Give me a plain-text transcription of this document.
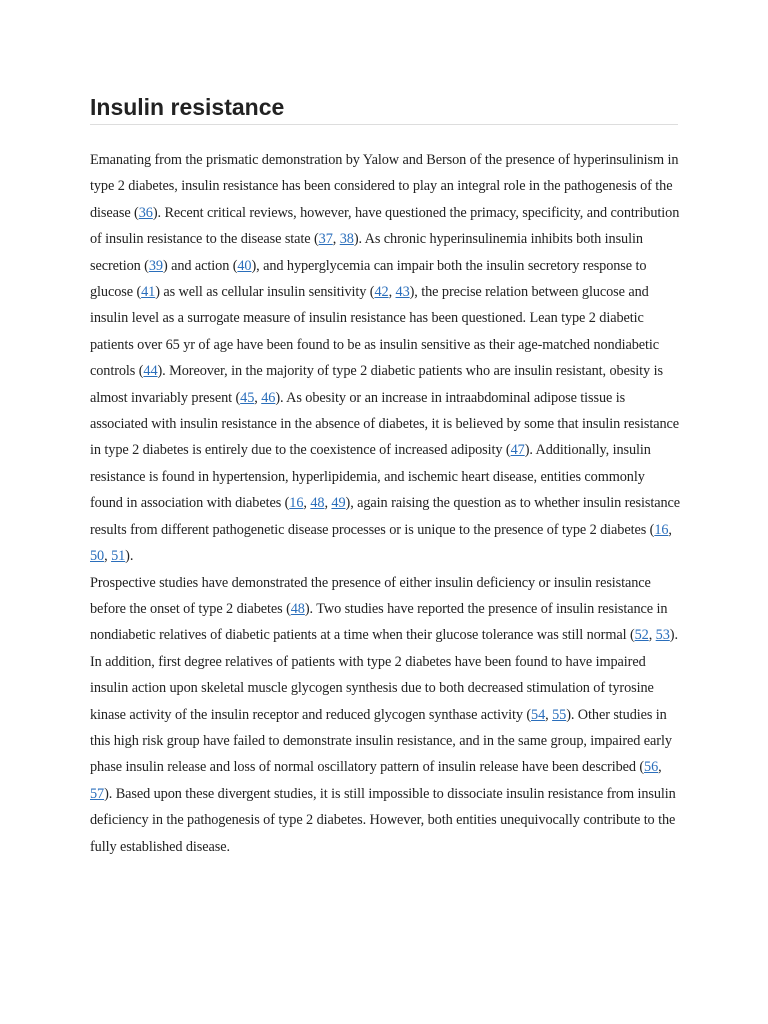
Insulin resistance

Emanating from the prismatic demonstration by Yalow and Berson of the presence of hyperinsulinism in type 2 diabetes, insulin resistance has been considered to play an integral role in the pathogenesis of the disease (36). Recent critical reviews, however, have questioned the primacy, specificity, and contribution of insulin resistance to the disease state (37, 38). As chronic hyperinsulinemia inhibits both insulin secretion (39) and action (40), and hyperglycemia can impair both the insulin secretory response to glucose (41) as well as cellular insulin sensitivity (42, 43), the precise relation between glucose and insulin level as a surrogate measure of insulin resistance has been questioned. Lean type 2 diabetic patients over 65 yr of age have been found to be as insulin sensitive as their age-matched nondiabetic controls (44). Moreover, in the majority of type 2 diabetic patients who are insulin resistant, obesity is almost invariably present (45, 46). As obesity or an increase in intraabdominal adipose tissue is associated with insulin resistance in the absence of diabetes, it is believed by some that insulin resistance in type 2 diabetes is entirely due to the coexistence of increased adiposity (47). Additionally, insulin resistance is found in hypertension, hyperlipidemia, and ischemic heart disease, entities commonly found in association with diabetes (16, 48, 49), again raising the question as to whether insulin resistance results from different pathogenetic disease processes or is unique to the presence of type 2 diabetes (16, 50, 51).

Prospective studies have demonstrated the presence of either insulin deficiency or insulin resistance before the onset of type 2 diabetes (48). Two studies have reported the presence of insulin resistance in nondiabetic relatives of diabetic patients at a time when their glucose tolerance was still normal (52, 53). In addition, first degree relatives of patients with type 2 diabetes have been found to have impaired insulin action upon skeletal muscle glycogen synthesis due to both decreased stimulation of tyrosine kinase activity of the insulin receptor and reduced glycogen synthase activity (54, 55). Other studies in this high risk group have failed to demonstrate insulin resistance, and in the same group, impaired early phase insulin release and loss of normal oscillatory pattern of insulin release have been described (56, 57). Based upon these divergent studies, it is still impossible to dissociate insulin resistance from insulin deficiency in the pathogenesis of type 2 diabetes. However, both entities unequivocally contribute to the fully established disease.
